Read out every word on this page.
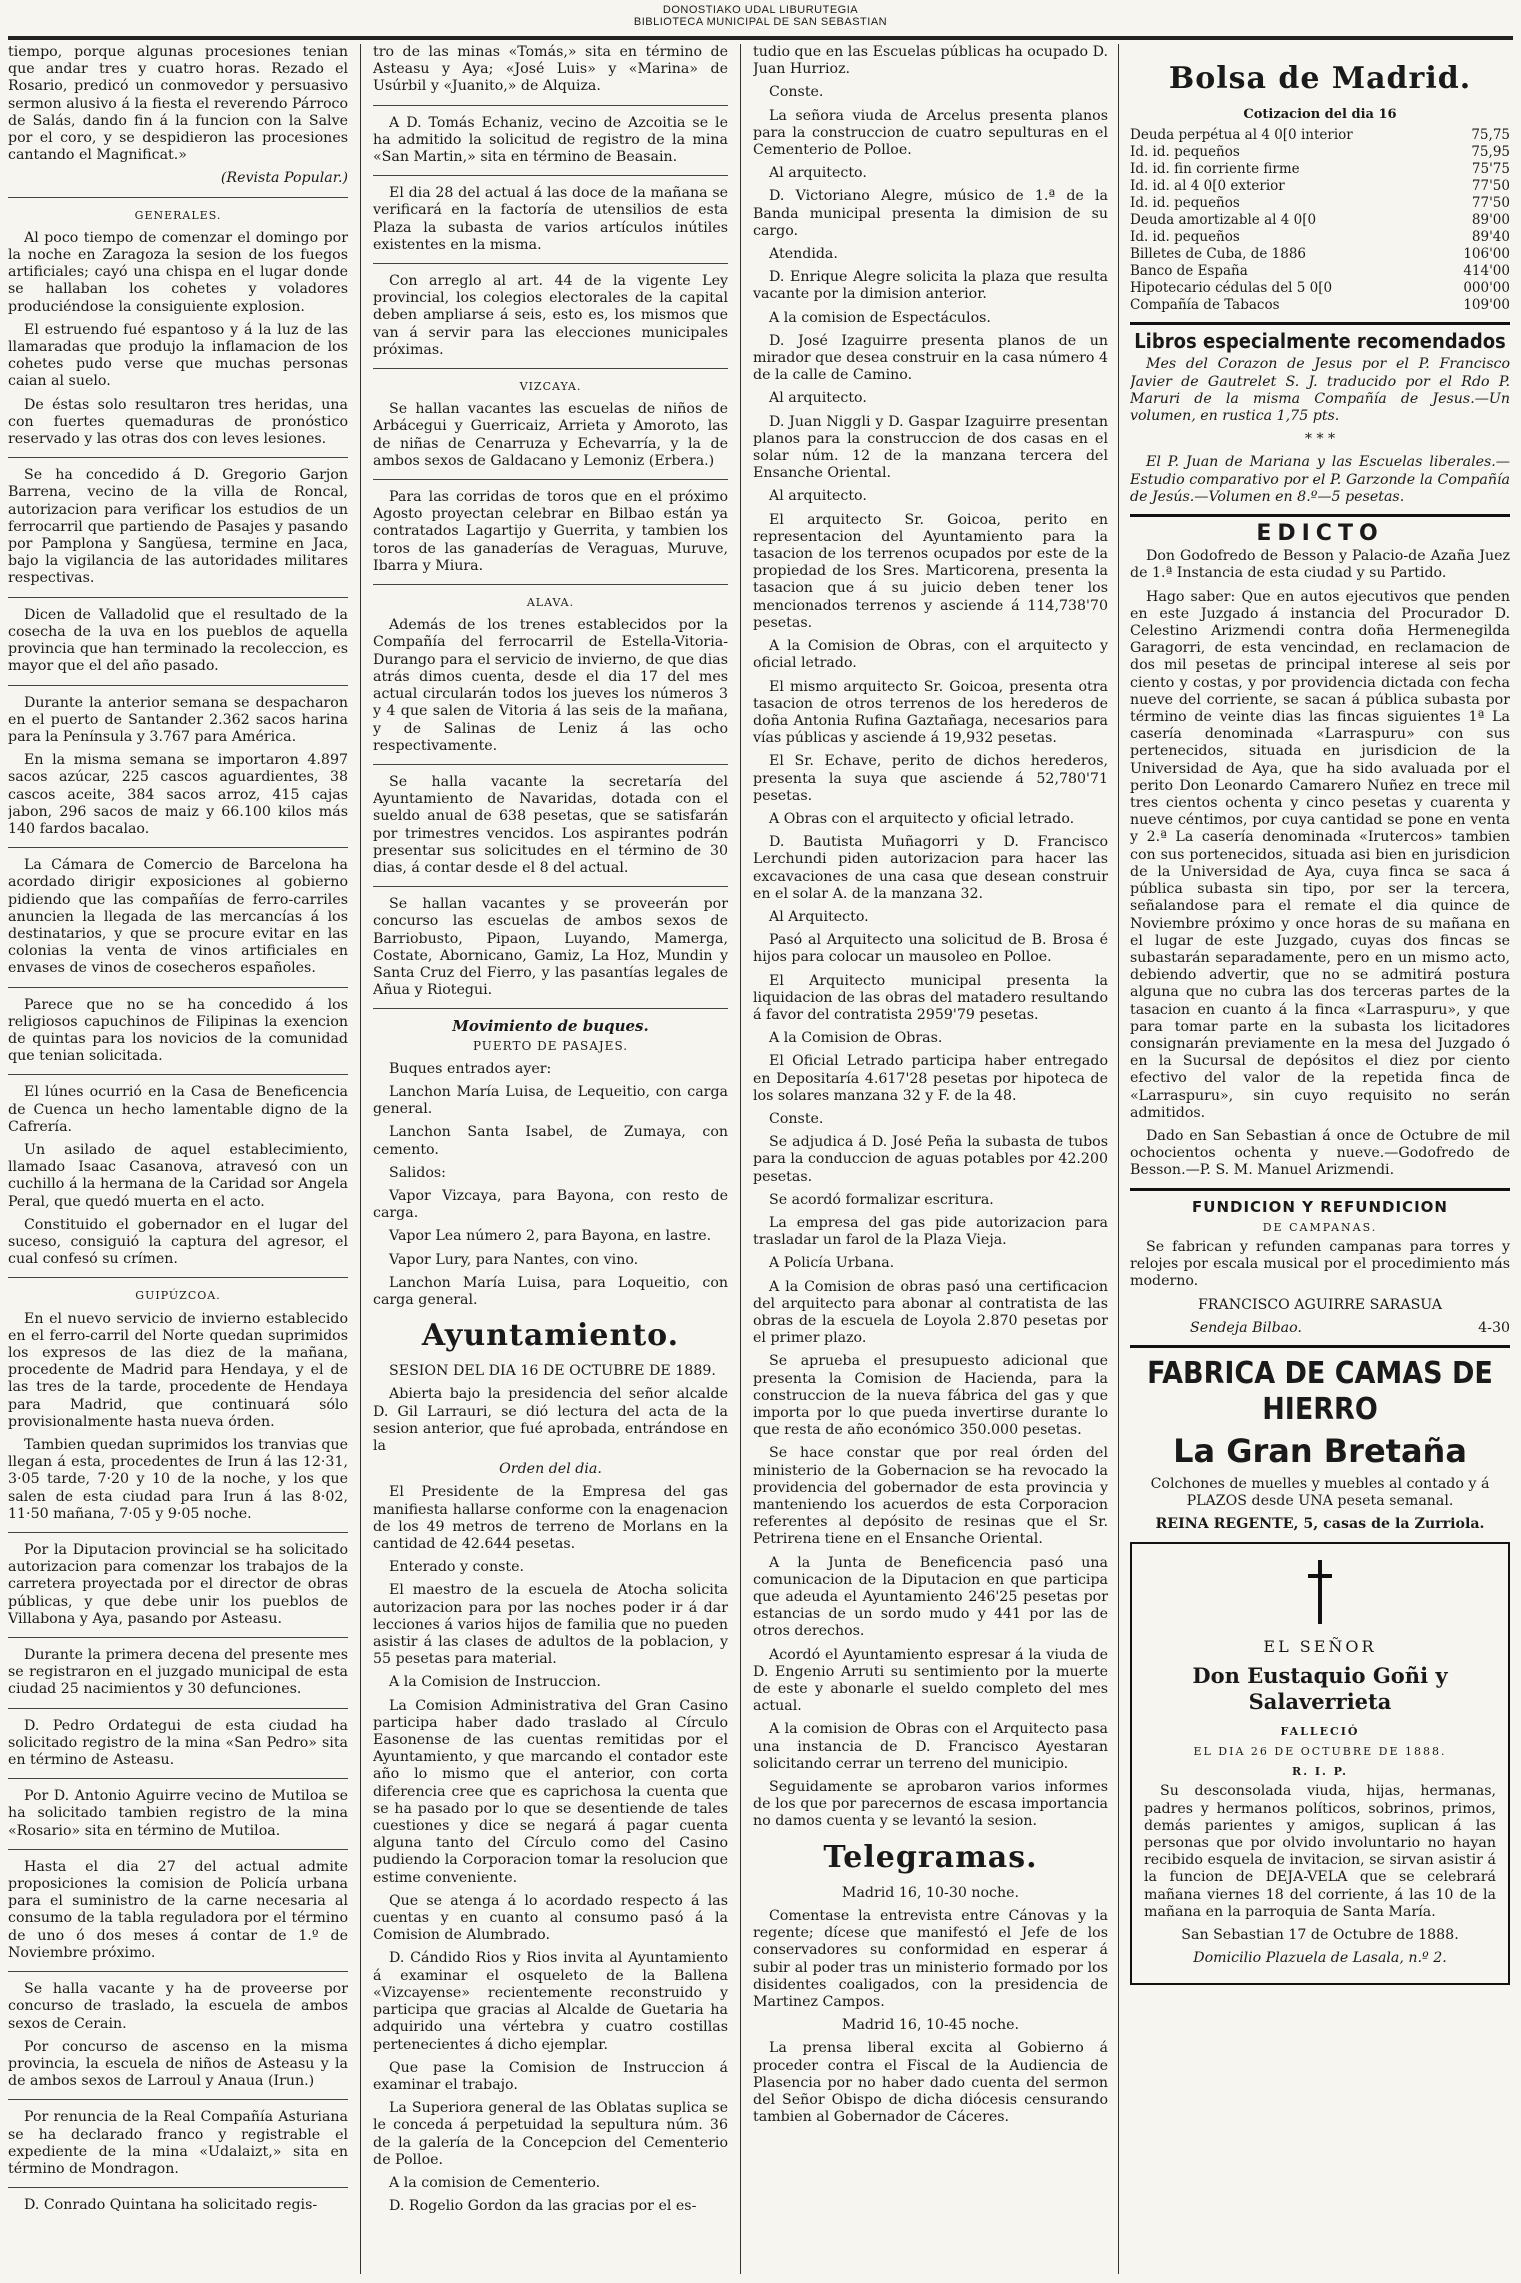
DONOSTIAKO UDAL LIBURUTEGIA
BIBLIOTECA MUNICIPAL DE SAN SEBASTIAN

tiempo, porque algunas procesiones tenian que andar tres y cuatro horas. Rezado el Rosario, predicó un conmovedor y persuasivo sermon alusivo á la fiesta el reverendo Párroco de Salás, dando fin á la funcion con la Salve por el coro, y se despidieron las procesiones cantando el Magnificat.»

(Revista Popular.)
GENERALES.

Al poco tiempo de comenzar el domingo por la noche en Zaragoza la sesion de los fuegos artificiales; cayó una chispa en el lugar donde se hallaban los cohetes y voladores produciéndose la consiguiente explosion.

El estruendo fué espantoso y á la luz de las llamaradas que produjo la inflamacion de los cohetes pudo verse que muchas personas caian al suelo.

De éstas solo resultaron tres heridas, una con fuertes quemaduras de pronóstico reservado y las otras dos con leves lesiones.

Se ha concedido á D. Gregorio Garjon Barrena, vecino de la villa de Roncal, autorizacion para verificar los estudios de un ferrocarril que partiendo de Pasajes y pasando por Pamplona y Sangüesa, termine en Jaca, bajo la vigilancia de las autoridades militares respectivas.

Dicen de Valladolid que el resultado de la cosecha de la uva en los pueblos de aquella provincia que han terminado la recoleccion, es mayor que el del año pasado.

Durante la anterior semana se despacharon en el puerto de Santander 2.362 sacos harina para la Península y 3.767 para América.

En la misma semana se importaron 4.897 sacos azúcar, 225 cascos aguardientes, 38 cascos aceite, 384 sacos arroz, 415 cajas jabon, 296 sacos de maiz y 66.100 kilos más 140 fardos bacalao.

La Cámara de Comercio de Barcelona ha acordado dirigir exposiciones al gobierno pidiendo que las compañías de ferro-carriles anuncien la llegada de las mercancías á los destinatarios, y que se procure evitar en las colonias la venta de vinos artificiales en envases de vinos de cosecheros españoles.

Parece que no se ha concedido á los religiosos capuchinos de Filipinas la exencion de quintas para los novicios de la comunidad que tenian solicitada.

El lúnes ocurrió en la Casa de Beneficencia de Cuenca un hecho lamentable digno de la Cafrería.

Un asilado de aquel establecimiento, llamado Isaac Casanova, atravesó con un cuchillo á la hermana de la Caridad sor Angela Peral, que quedó muerta en el acto.

Constituido el gobernador en el lugar del suceso, consiguió la captura del agresor, el cual confesó su crímen.

GUIPÚZCOA.

En el nuevo servicio de invierno establecido en el ferro-carril del Norte quedan suprimidos los expresos de las diez de la mañana, procedente de Madrid para Hendaya, y el de las tres de la tarde, procedente de Hendaya para Madrid, que continuará sólo provisionalmente hasta nueva órden.

Tambien quedan suprimidos los tranvias que llegan á esta, procedentes de Irun á las 12·31, 3·05 tarde, 7·20 y 10 de la noche, y los que salen de esta ciudad para Irun á las 8·02, 11·50 mañana, 7·05 y 9·05 noche.

Por la Diputacion provincial se ha solicitado autorizacion para comenzar los trabajos de la carretera proyectada por el director de obras públicas, y que debe unir los pueblos de Villabona y Aya, pasando por Asteasu.

Durante la primera decena del presente mes se registraron en el juzgado municipal de esta ciudad 25 nacimientos y 30 defunciones.

D. Pedro Ordategui de esta ciudad ha solicitado registro de la mina «San Pedro» sita en término de Asteasu.

Por D. Antonio Aguirre vecino de Mutiloa se ha solicitado tambien registro de la mina «Rosario» sita en término de Mutiloa.

Hasta el dia 27 del actual admite proposiciones la comision de Policía urbana para el suministro de la carne necesaria al consumo de la tabla reguladora por el término de uno ó dos meses á contar de 1.º de Noviembre próximo.

Se halla vacante y ha de proveerse por concurso de traslado, la escuela de ambos sexos de Cerain.

Por concurso de ascenso en la misma provincia, la escuela de niños de Asteasu y la de ambos sexos de Larroul y Anaua (Irun.)

Por renuncia de la Real Compañía Asturiana se ha declarado franco y registrable el expediente de la mina «Udalaizt,» sita en término de Mondragon.

D. Conrado Quintana ha solicitado regis-

tro de las minas «Tomás,» sita en término de Asteasu y Aya; «José Luis» y «Marina» de Usúrbil y «Juanito,» de Alquiza.

A D. Tomás Echaniz, vecino de Azcoitia se le ha admitido la solicitud de registro de la mina «San Martin,» sita en término de Beasain.

El dia 28 del actual á las doce de la mañana se verificará en la factoría de utensilios de esta Plaza la subasta de varios artículos inútiles existentes en la misma.

Con arreglo al art. 44 de la vigente Ley provincial, los colegios electorales de la capital deben ampliarse á seis, esto es, los mismos que van á servir para las elecciones municipales próximas.

VIZCAYA.

Se hallan vacantes las escuelas de niños de Arbácegui y Guerricaiz, Arrieta y Amoroto, las de niñas de Cenarruza y Echevarría, y la de ambos sexos de Galdacano y Lemoniz (Erbera.)

Para las corridas de toros que en el próximo Agosto proyectan celebrar en Bilbao están ya contratados Lagartijo y Guerrita, y tambien los toros de las ganaderías de Veraguas, Muruve, Ibarra y Miura.

ALAVA.

Además de los trenes establecidos por la Compañía del ferrocarril de Estella-Vitoria-Durango para el servicio de invierno, de que dias atrás dimos cuenta, desde el dia 17 del mes actual circularán todos los jueves los números 3 y 4 que salen de Vitoria á las seis de la mañana, y de Salinas de Leniz á las ocho respectivamente.

Se halla vacante la secretaría del Ayuntamiento de Navaridas, dotada con el sueldo anual de 638 pesetas, que se satisfarán por trimestres vencidos. Los aspirantes podrán presentar sus solicitudes en el término de 30 dias, á contar desde el 8 del actual.

Se hallan vacantes y se proveerán por concurso las escuelas de ambos sexos de Barriobusto, Pipaon, Luyando, Mamerga, Costate, Abornicano, Gamiz, La Hoz, Mundin y Santa Cruz del Fierro, y las pasantías legales de Añua y Riotegui.

Movimiento de buques.
PUERTO DE PASAJES.

Buques entrados ayer:

Lanchon María Luisa, de Lequeitio, con carga general.

Lanchon Santa Isabel, de Zumaya, con cemento.

Salidos:

Vapor Vizcaya, para Bayona, con resto de carga.

Vapor Lea número 2, para Bayona, en lastre.

Vapor Lury, para Nantes, con vino.

Lanchon María Luisa, para Loqueitio, con carga general.

Ayuntamiento.

SESION DEL DIA 16 DE OCTUBRE DE 1889.

Abierta bajo la presidencia del señor alcalde D. Gil Larrauri, se dió lectura del acta de la sesion anterior, que fué aprobada, entrándose en la

Orden del dia.

El Presidente de la Empresa del gas manifiesta hallarse conforme con la enagenacion de los 49 metros de terreno de Morlans en la cantidad de 42.644 pesetas.

Enterado y conste.

El maestro de la escuela de Atocha solicita autorizacion para por las noches poder ir á dar lecciones á varios hijos de familia que no pueden asistir á las clases de adultos de la poblacion, y 55 pesetas para material.

A la Comision de Instruccion.

La Comision Administrativa del Gran Casino participa haber dado traslado al Círculo Easonense de las cuentas remitidas por el Ayuntamiento, y que marcando el contador este año lo mismo que el anterior, con corta diferencia cree que es caprichosa la cuenta que se ha pasado por lo que se desentiende de tales cuestiones y dice se negará á pagar cuenta alguna tanto del Círculo como del Casino pudiendo la Corporacion tomar la resolucion que estime conveniente.

Que se atenga á lo acordado respecto á las cuentas y en cuanto al consumo pasó á la Comision de Alumbrado.

D. Cándido Rios y Rios invita al Ayuntamiento á examinar el osqueleto de la Ballena «Vizcayense» recientemente reconstruido y participa que gracias al Alcalde de Guetaria ha adquirido una vértebra y cuatro costillas pertenecientes á dicho ejemplar.

Que pase la Comision de Instruccion á examinar el trabajo.

La Superiora general de las Oblatas suplica se le conceda á perpetuidad la sepultura núm. 36 de la galería de la Concepcion del Cementerio de Polloe.

A la comision de Cementerio.

D. Rogelio Gordon da las gracias por el es-

tudio que en las Escuelas públicas ha ocupado D. Juan Hurrioz.

Conste.

La señora viuda de Arcelus presenta planos para la construccion de cuatro sepulturas en el Cementerio de Polloe.

Al arquitecto.

D. Victoriano Alegre, músico de 1.ª de la Banda municipal presenta la dimision de su cargo.

Atendida.

D. Enrique Alegre solicita la plaza que resulta vacante por la dimision anterior.

A la comision de Espectáculos.

D. José Izaguirre presenta planos de un mirador que desea construir en la casa número 4 de la calle de Camino.

Al arquitecto.

D. Juan Niggli y D. Gaspar Izaguirre presentan planos para la construccion de dos casas en el solar núm. 12 de la manzana tercera del Ensanche Oriental.

Al arquitecto.

El arquitecto Sr. Goicoa, perito en representacion del Ayuntamiento para la tasacion de los terrenos ocupados por este de la propiedad de los Sres. Marticorena, presenta la tasacion que á su juicio deben tener los mencionados terrenos y asciende á 114,738'70 pesetas.

A la Comision de Obras, con el arquitecto y oficial letrado.

El mismo arquitecto Sr. Goicoa, presenta otra tasacion de otros terrenos de los herederos de doña Antonia Rufina Gaztañaga, necesarios para vías públicas y asciende á 19,932 pesetas.

El Sr. Echave, perito de dichos herederos, presenta la suya que asciende á 52,780'71 pesetas.

A Obras con el arquitecto y oficial letrado.

D. Bautista Muñagorri y D. Francisco Lerchundi piden autorizacion para hacer las excavaciones de una casa que desean construir en el solar A. de la manzana 32.

Al Arquitecto.

Pasó al Arquitecto una solicitud de B. Brosa é hijos para colocar un mausoleo en Polloe.

El Arquitecto municipal presenta la liquidacion de las obras del matadero resultando á favor del contratista 2959'79 pesetas.

A la Comision de Obras.

El Oficial Letrado participa haber entregado en Depositaría 4.617'28 pesetas por hipoteca de los solares manzana 32 y F. de la 48.

Conste.

Se adjudica á D. José Peña la subasta de tubos para la conduccion de aguas potables por 42.200 pesetas.

Se acordó formalizar escritura.

La empresa del gas pide autorizacion para trasladar un farol de la Plaza Vieja.

A Policía Urbana.

A la Comision de obras pasó una certificacion del arquitecto para abonar al contratista de las obras de la escuela de Loyola 2.870 pesetas por el primer plazo.

Se aprueba el presupuesto adicional que presenta la Comision de Hacienda, para la construccion de la nueva fábrica del gas y que importa por lo que pueda invertirse durante lo que resta de año económico 350.000 pesetas.

Se hace constar que por real órden del ministerio de la Gobernacion se ha revocado la providencia del gobernador de esta provincia y manteniendo los acuerdos de esta Corporacion referentes al depósito de resinas que el Sr. Petrirena tiene en el Ensanche Oriental.

A la Junta de Beneficencia pasó una comunicacion de la Diputacion en que participa que adeuda el Ayuntamiento 246'25 pesetas por estancias de un sordo mudo y 441 por las de otros derechos.

Acordó el Ayuntamiento espresar á la viuda de D. Engenio Arruti su sentimiento por la muerte de este y abonarle el sueldo completo del mes actual.

A la comision de Obras con el Arquitecto pasa una instancia de D. Francisco Ayestaran solicitando cerrar un terreno del municipio.

Seguidamente se aprobaron varios informes de los que por parecernos de escasa importancia no damos cuenta y se levantó la sesion.

Telegramas.

Madrid 16, 10-30 noche.

Comentase la entrevista entre Cánovas y la regente; dícese que manifestó el Jefe de los conservadores su conformidad en esperar á subir al poder tras un ministerio formado por los disidentes coaligados, con la presidencia de Martinez Campos.

Madrid 16, 10-45 noche.

La prensa liberal excita al Gobierno á proceder contra el Fiscal de la Audiencia de Plasencia por no haber dado cuenta del sermon del Señor Obispo de dicha diócesis censurando tambien al Gobernador de Cáceres.

Bolsa de Madrid.
Cotizacion del dia 16
Deuda perpétua al 4 0[0 interior	75,75
Id. id. pequeños	75,95
Id. id. fin corriente firme	75'75
Id. id. al 4 0[0 exterior	77'50
Id. id. pequeños	77'50
Deuda amortizable al 4 0[0	89'00
Id. id. pequeños	89'40
Billetes de Cuba, de 1886	106'00
Banco de España	414'00
Hipotecario cédulas del 5 0[0	000'00
Compañía de Tabacos	109'00
Libros especialmente recomendados

Mes del Corazon de Jesus por el P. Francisco Javier de Gautrelet S. J. traducido por el Rdo P. Maruri de la misma Compañía de Jesus.—Un volumen, en rustica 1,75 pts.

* * *

El P. Juan de Mariana y las Escuelas liberales.—Estudio comparativo por el P. Garzonde la Compañía de Jesús.—Volumen en 8.º—5 pesetas.

EDICTO

Don Godofredo de Besson y Palacio-de Azaña Juez de 1.ª Instancia de esta ciudad y su Partido.

Hago saber: Que en autos ejecutivos que penden en este Juzgado á instancia del Procurador D. Celestino Arizmendi contra doña Hermenegilda Garagorri, de esta vencindad, en reclamacion de dos mil pesetas de principal interese al seis por ciento y costas, y por providencia dictada con fecha nueve del corriente, se sacan á pública subasta por término de veinte dias las fincas siguientes 1ª La casería denominada «Larraspuru» con sus pertenecidos, situada en jurisdicion de la Universidad de Aya, que ha sido avaluada por el perito Don Leonardo Camarero Nuñez en trece mil tres cientos ochenta y cinco pesetas y cuarenta y nueve céntimos, por cuya cantidad se pone en venta y 2.ª La casería denominada «Irutercos» tambien con sus portenecidos, situada asi bien en jurisdicion de la Universidad de Aya, cuya finca se saca á pública subasta sin tipo, por ser la tercera, señalandose para el remate el dia quince de Noviembre próximo y once horas de su mañana en el lugar de este Juzgado, cuyas dos fincas se subastarán separadamente, pero en un mismo acto, debiendo advertir, que no se admitirá postura alguna que no cubra las dos terceras partes de la tasacion en cuanto á la finca «Larraspuru», y que para tomar parte en la subasta los licitadores consignarán previamente en la mesa del Juzgado ó en la Sucursal de depósitos el diez por ciento efectivo del valor de la repetida finca de «Larraspuru», sin cuyo requisito no serán admitidos.

Dado en San Sebastian á once de Octubre de mil ochocientos ochenta y nueve.—Godofredo de Besson.—P. S. M. Manuel Arizmendi.

FUNDICION Y REFUNDICION
DE CAMPANAS.

Se fabrican y refunden campanas para torres y relojes por escala musical por el procedimiento más moderno.

FRANCISCO AGUIRRE SARASUA

Sendeja Bilbao.	4-30
FABRICA DE CAMAS DE HIERRO
La Gran Bretaña

Colchones de muelles y muebles al contado y á PLAZOS desde UNA peseta semanal.

REINA REGENTE, 5, casas de la Zurriola.

EL SEÑOR
Don Eustaquio Goñi y Salaverrieta
FALLECIÓ
EL DIA 26 DE OCTUBRE DE 1888.
R. I. P.

Su desconsolada viuda, hijas, hermanas, padres y hermanos políticos, sobrinos, primos, demás parientes y amigos, suplican á las personas que por olvido involuntario no hayan recibido esquela de invitacion, se sirvan asistir á la funcion de DEJA-VELA que se celebrará mañana viernes 18 del corriente, á las 10 de la mañana en la parroquia de Santa María.

San Sebastian 17 de Octubre de 1888.

Domicilio Plazuela de Lasala, n.º 2.
